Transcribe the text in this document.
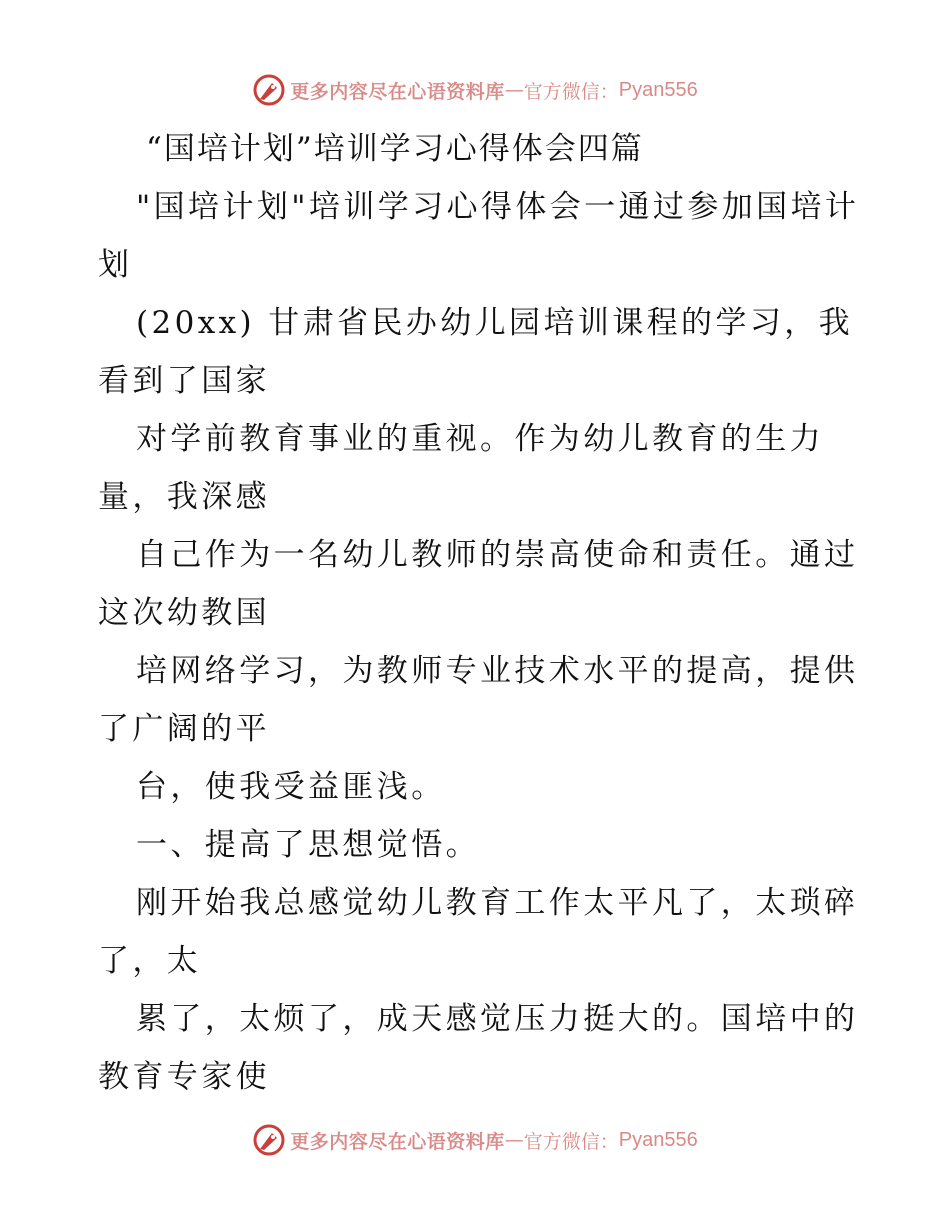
更多内容尽在心语资料库 — 官方微信： Pyan556
“国培计划”培训学习心得体会四篇
"国培计划"培训学习心得体会一通过参加国培计
划
(20xx) 甘肃省民办幼儿园培训课程的学习，我
看到了国家
对学前教育事业的重视。作为幼儿教育的生力
量，我深感
自己作为一名幼儿教师的崇高使命和责任。通过
这次幼教国
培网络学习，为教师专业技术水平的提高，提供
了广阔的平
台，使我受益匪浅。
一、提高了思想觉悟。
刚开始我总感觉幼儿教育工作太平凡了，太琐碎
了，太
累了，太烦了，成天感觉压力挺大的。国培中的
教育专家使
更多内容尽在心语资料库 — 官方微信： Pyan556
